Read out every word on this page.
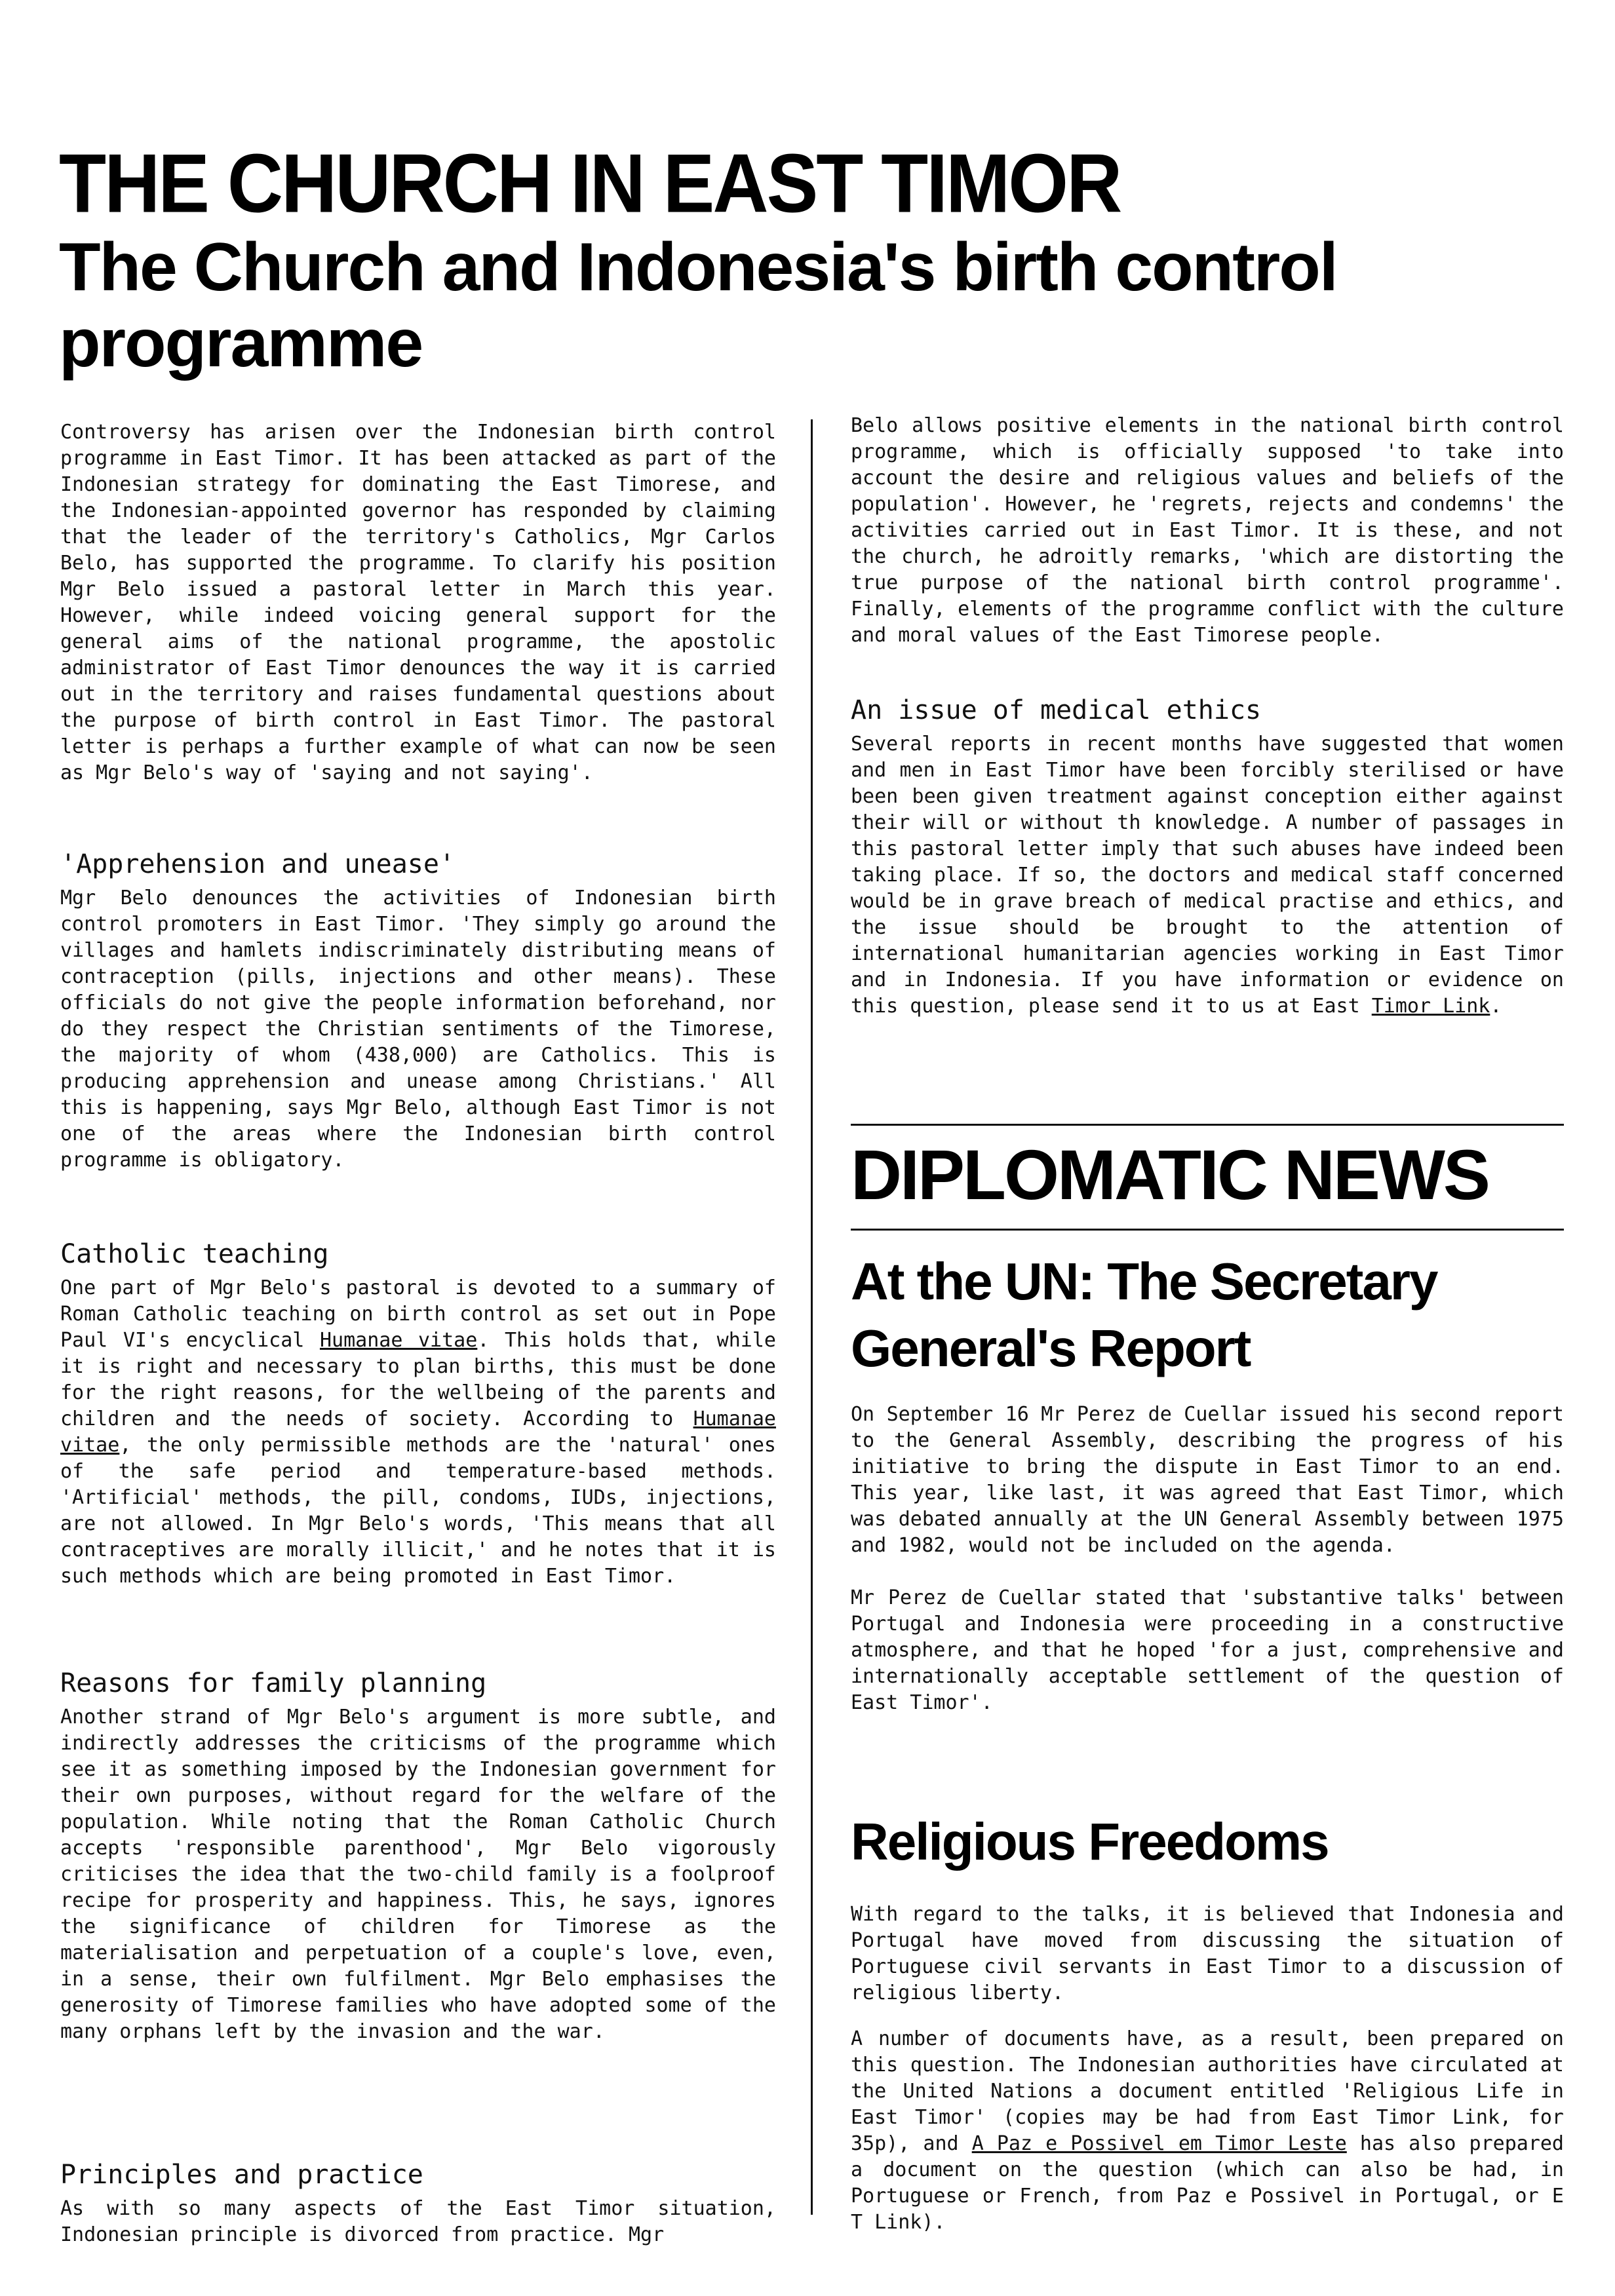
THE CHURCH IN EAST TIMOR
The Church and Indonesia's birth control programme

Controversy has arisen over the Indonesian birth control programme in East Timor. It has been attacked as part of the Indonesian strategy for dominating the East Timorese, and the Indonesian-appointed governor has responded by claiming that the leader of the territory's Catholics, Mgr Carlos Belo, has supported the programme. To clarify his position Mgr Belo issued a pastoral letter in March this year. However, while indeed voicing general support for the general aims of the national programme, the apostolic administrator of East Timor denounces the way it is carried out in the territory and raises fundamental questions about the purpose of birth control in East Timor. The pastoral letter is perhaps a further example of what can now be seen as Mgr Belo's way of 'saying and not saying'.

'Apprehension and unease'

Mgr Belo denounces the activities of Indonesian birth control promoters in East Timor. 'They simply go around the villages and hamlets indiscriminately distributing means of contraception (pills, injections and other means). These officials do not give the people information beforehand, nor do they respect the Christian sentiments of the Timorese, the majority of whom (438,000) are Catholics. This is producing apprehension and unease among Christians.' All this is happening, says Mgr Belo, although East Timor is not one of the areas where the Indonesian birth control programme is obligatory.

Catholic teaching

One part of Mgr Belo's pastoral is devoted to a summary of Roman Catholic teaching on birth control as set out in Pope Paul VI's encyclical Humanae vitae. This holds that, while it is right and necessary to plan births, this must be done for the right reasons, for the wellbeing of the parents and children and the needs of society. According to Humanae vitae, the only permissible methods are the 'natural' ones of the safe period and temperature-based methods. 'Artificial' methods, the pill, condoms, IUDs, injections, are not allowed. In Mgr Belo's words, 'This means that all contraceptives are morally illicit,' and he notes that it is such methods which are being promoted in East Timor.

Reasons for family planning

Another strand of Mgr Belo's argument is more subtle, and indirectly addresses the criticisms of the programme which see it as something imposed by the Indonesian government for their own purposes, without regard for the welfare of the population. While noting that the Roman Catholic Church accepts 'responsible parenthood', Mgr Belo vigorously criticises the idea that the two-child family is a foolproof recipe for prosperity and happiness. This, he says, ignores the significance of children for Timorese as the materialisation and perpetuation of a couple's love, even, in a sense, their own fulfilment. Mgr Belo emphasises the generosity of Timorese families who have adopted some of the many orphans left by the invasion and the war.

Principles and practice

As with so many aspects of the East Timor situation, Indonesian principle is divorced from practice. Mgr

Belo allows positive elements in the national birth control programme, which is officially supposed 'to take into account the desire and religious values and beliefs of the population'. However, he 'regrets, rejects and condemns' the activities carried out in East Timor. It is these, and not the church, he adroitly remarks, 'which are distorting the true purpose of the national birth control programme'. Finally, elements of the programme conflict with the culture and moral values of the East Timorese people.

An issue of medical ethics

Several reports in recent months have suggested that women and men in East Timor have been forcibly sterilised or have been been given treatment against conception either against their will or without th knowledge. A number of passages in this pastoral letter imply that such abuses have indeed been taking place. If so, the doctors and medical staff concerned would be in grave breach of medical practise and ethics, and the issue should be brought to the attention of international humanitarian agencies working in East Timor and in Indonesia. If you have information or evidence on this question, please send it to us at East Timor Link.

DIPLOMATIC NEWS
At the UN: The Secretary General's Report

On September 16 Mr Perez de Cuellar issued his second report to the General Assembly, describing the progress of his initiative to bring the dispute in East Timor to an end. This year, like last, it was agreed that East Timor, which was debated annually at the UN General Assembly between 1975 and 1982, would not be included on the agenda.

Mr Perez de Cuellar stated that 'substantive talks' between Portugal and Indonesia were proceeding in a constructive atmosphere, and that he hoped 'for a just, comprehensive and internationally acceptable settlement of the question of East Timor'.

Religious Freedoms

With regard to the talks, it is believed that Indonesia and Portugal have moved from discussing the situation of Portuguese civil servants in East Timor to a discussion of religious liberty.

A number of documents have, as a result, been prepared on this question. The Indonesian authorities have circulated at the United Nations a document entitled 'Religious Life in East Timor' (copies may be had from East Timor Link, for 35p), and A Paz e Possivel em Timor Leste has also prepared a document on the question (which can also be had, in Portuguese or French, from Paz e Possivel in Portugal, or E T Link).
